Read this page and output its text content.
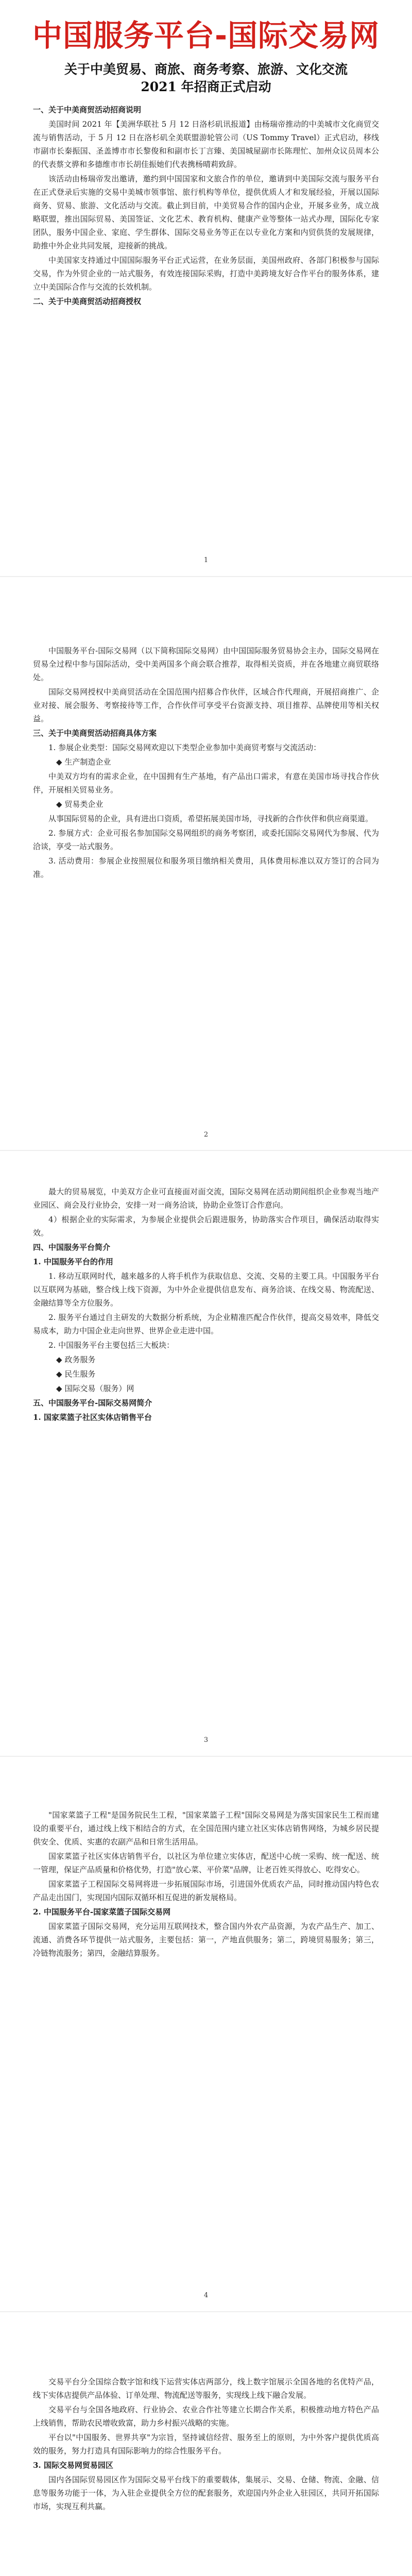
中国服务平台-国际交易网
关于中美贸易、商旅、商务考察、旅游、文化交流
2021 年招商正式启动

一、关于中美商贸活动招商说明

美国时间 2021 年【美洲华联社 5 月 12 日洛杉矶讯报道】由杨瑞帝推动的中美城市文化商贸交流与销售活动，于 5 月 12 日在洛杉矶全美联盟游轮管公司（US Tommy Travel）正式启动，移线市副市长秦振国、圣盖博市市长黎俊和和副市长丁言臻、美国城屋副市长陈理忙、加州众议员周本公的代表蔡文骅和多德维市市长胡佳振她们代表携杨晴莉致辞。

该活动由杨瑞帝发出邀请，邀约到中国国家和文旅合作的单位，邀请到中美国际交流与服务平台在正式登录后实施的交易中美城市领事馆、旅行机构等单位，提供优质人才和发展经验，开展以国际商务、贸易、旅游、文化活动与交流。截止到目前，中美贸易合作的国内企业，开展多业务，成立战略联盟，推出国际贸易、美国签证、文化艺术、教育机构、健康产业等整体一站式办理，国际化专家团队，服务中国企业、家庭、学生群体、国际交易业务等正在以专业化方案和内贸供货的发展规律，助推中外企业共同发展，迎接新的挑战。

中美国家支持通过中国国际服务平台正式运营，在业务层面，美国州政府、各部门积极参与国际交易，作为外贸企业的一站式服务，有效连接国际采购，打造中美跨境友好合作平台的服务体系，建立中美国际合作与交流的长效机制。

二、关于中美商贸活动招商授权

1

中国服务平台-国际交易网（以下简称国际交易网）由中国国际服务贸易协会主办，国际交易网在贸易全过程中参与国际活动，受中美两国多个商会联合推荐，取得相关资质，并在各地建立商贸联络处。

国际交易网授权中美商贸活动在全国范围内招募合作伙伴，区域合作代理商，开展招商推广、企业对接、展会服务、考察接待等工作，合作伙伴可享受平台资源支持、项目推荐、品牌使用等相关权益。

三、关于中美商贸活动招商具体方案

1. 参展企业类型：国际交易网欢迎以下类型企业参加中美商贸考察与交流活动：

◆ 生产制造企业

中美双方均有的需求企业，在中国拥有生产基地，有产品出口需求，有意在美国市场寻找合作伙伴，开展相关贸易业务。

◆ 贸易类企业

从事国际贸易的企业，具有进出口资质，希望拓展美国市场，寻找新的合作伙伴和供应商渠道。

2. 参展方式：企业可报名参加国际交易网组织的商务考察团，或委托国际交易网代为参展、代为洽谈，享受一站式服务。

3. 活动费用：参展企业按照展位和服务项目缴纳相关费用，具体费用标准以双方签订的合同为准。

2

最大的贸易展览，中美双方企业可直接面对面交流，国际交易网在活动期间组织企业参观当地产业园区、商会及行业协会，安排一对一商务洽谈，协助企业签订合作意向。

4）根据企业的实际需求，为参展企业提供会后跟进服务，协助落实合作项目，确保活动取得实效。

四、中国服务平台简介

1. 中国服务平台的作用

1. 移动互联网时代，越来越多的人将手机作为获取信息、交流、交易的主要工具。中国服务平台以互联网为基础，整合线上线下资源，为中外企业提供信息发布、商务洽谈、在线交易、物流配送、金融结算等全方位服务。

2. 服务平台通过自主研发的大数据分析系统，为企业精准匹配合作伙伴，提高交易效率，降低交易成本，助力中国企业走向世界、世界企业走进中国。

2. 中国服务平台主要包括三大板块：

◆ 政务服务

◆ 民生服务

◆ 国际交易（服务）网

五、中国服务平台-国际交易网简介

1. 国家菜篮子社区实体店销售平台

3

"国家菜篮子工程"是国务院民生工程，"国家菜篮子工程"国际交易网是为落实国家民生工程而建设的重要平台，通过线上线下相结合的方式，在全国范围内建立社区实体店销售网络，为城乡居民提供安全、优质、实惠的农副产品和日常生活用品。

国家菜篮子社区实体店销售平台，以社区为单位建立实体店，配送中心统一采购、统一配送、统一管理，保证产品质量和价格优势，打造"放心菜、平价菜"品牌，让老百姓买得放心、吃得安心。

国家菜篮子工程国际交易网将进一步拓展国际市场，引进国外优质农产品，同时推动国内特色农产品走出国门，实现国内国际双循环相互促进的新发展格局。

2. 中国服务平台-国家菜篮子国际交易网

国家菜篮子国际交易网，充分运用互联网技术，整合国内外农产品资源，为农产品生产、加工、流通、消费各环节提供一站式服务，主要包括：第一，产地直供服务；第二，跨境贸易服务；第三，冷链物流服务；第四，金融结算服务。

4

交易平台分全国综合数字馆和线下运营实体店两部分，线上数字馆展示全国各地的名优特产品，线下实体店提供产品体验、订单处理、物流配送等服务，实现线上线下融合发展。

交易平台与全国各地政府、行业协会、农业合作社等建立长期合作关系，积极推动地方特色产品上线销售，帮助农民增收致富，助力乡村振兴战略的实施。

平台以"中国服务、世界共享"为宗旨，坚持诚信经营、服务至上的原则，为中外客户提供优质高效的服务，努力打造具有国际影响力的综合性服务平台。

3. 国际交易网贸易园区

国内各国际贸易园区作为国际交易平台线下的重要载体，集展示、交易、仓储、物流、金融、信息等服务功能于一体，为入驻企业提供全方位的配套服务，欢迎国内外企业入驻园区，共同开拓国际市场，实现互利共赢。
